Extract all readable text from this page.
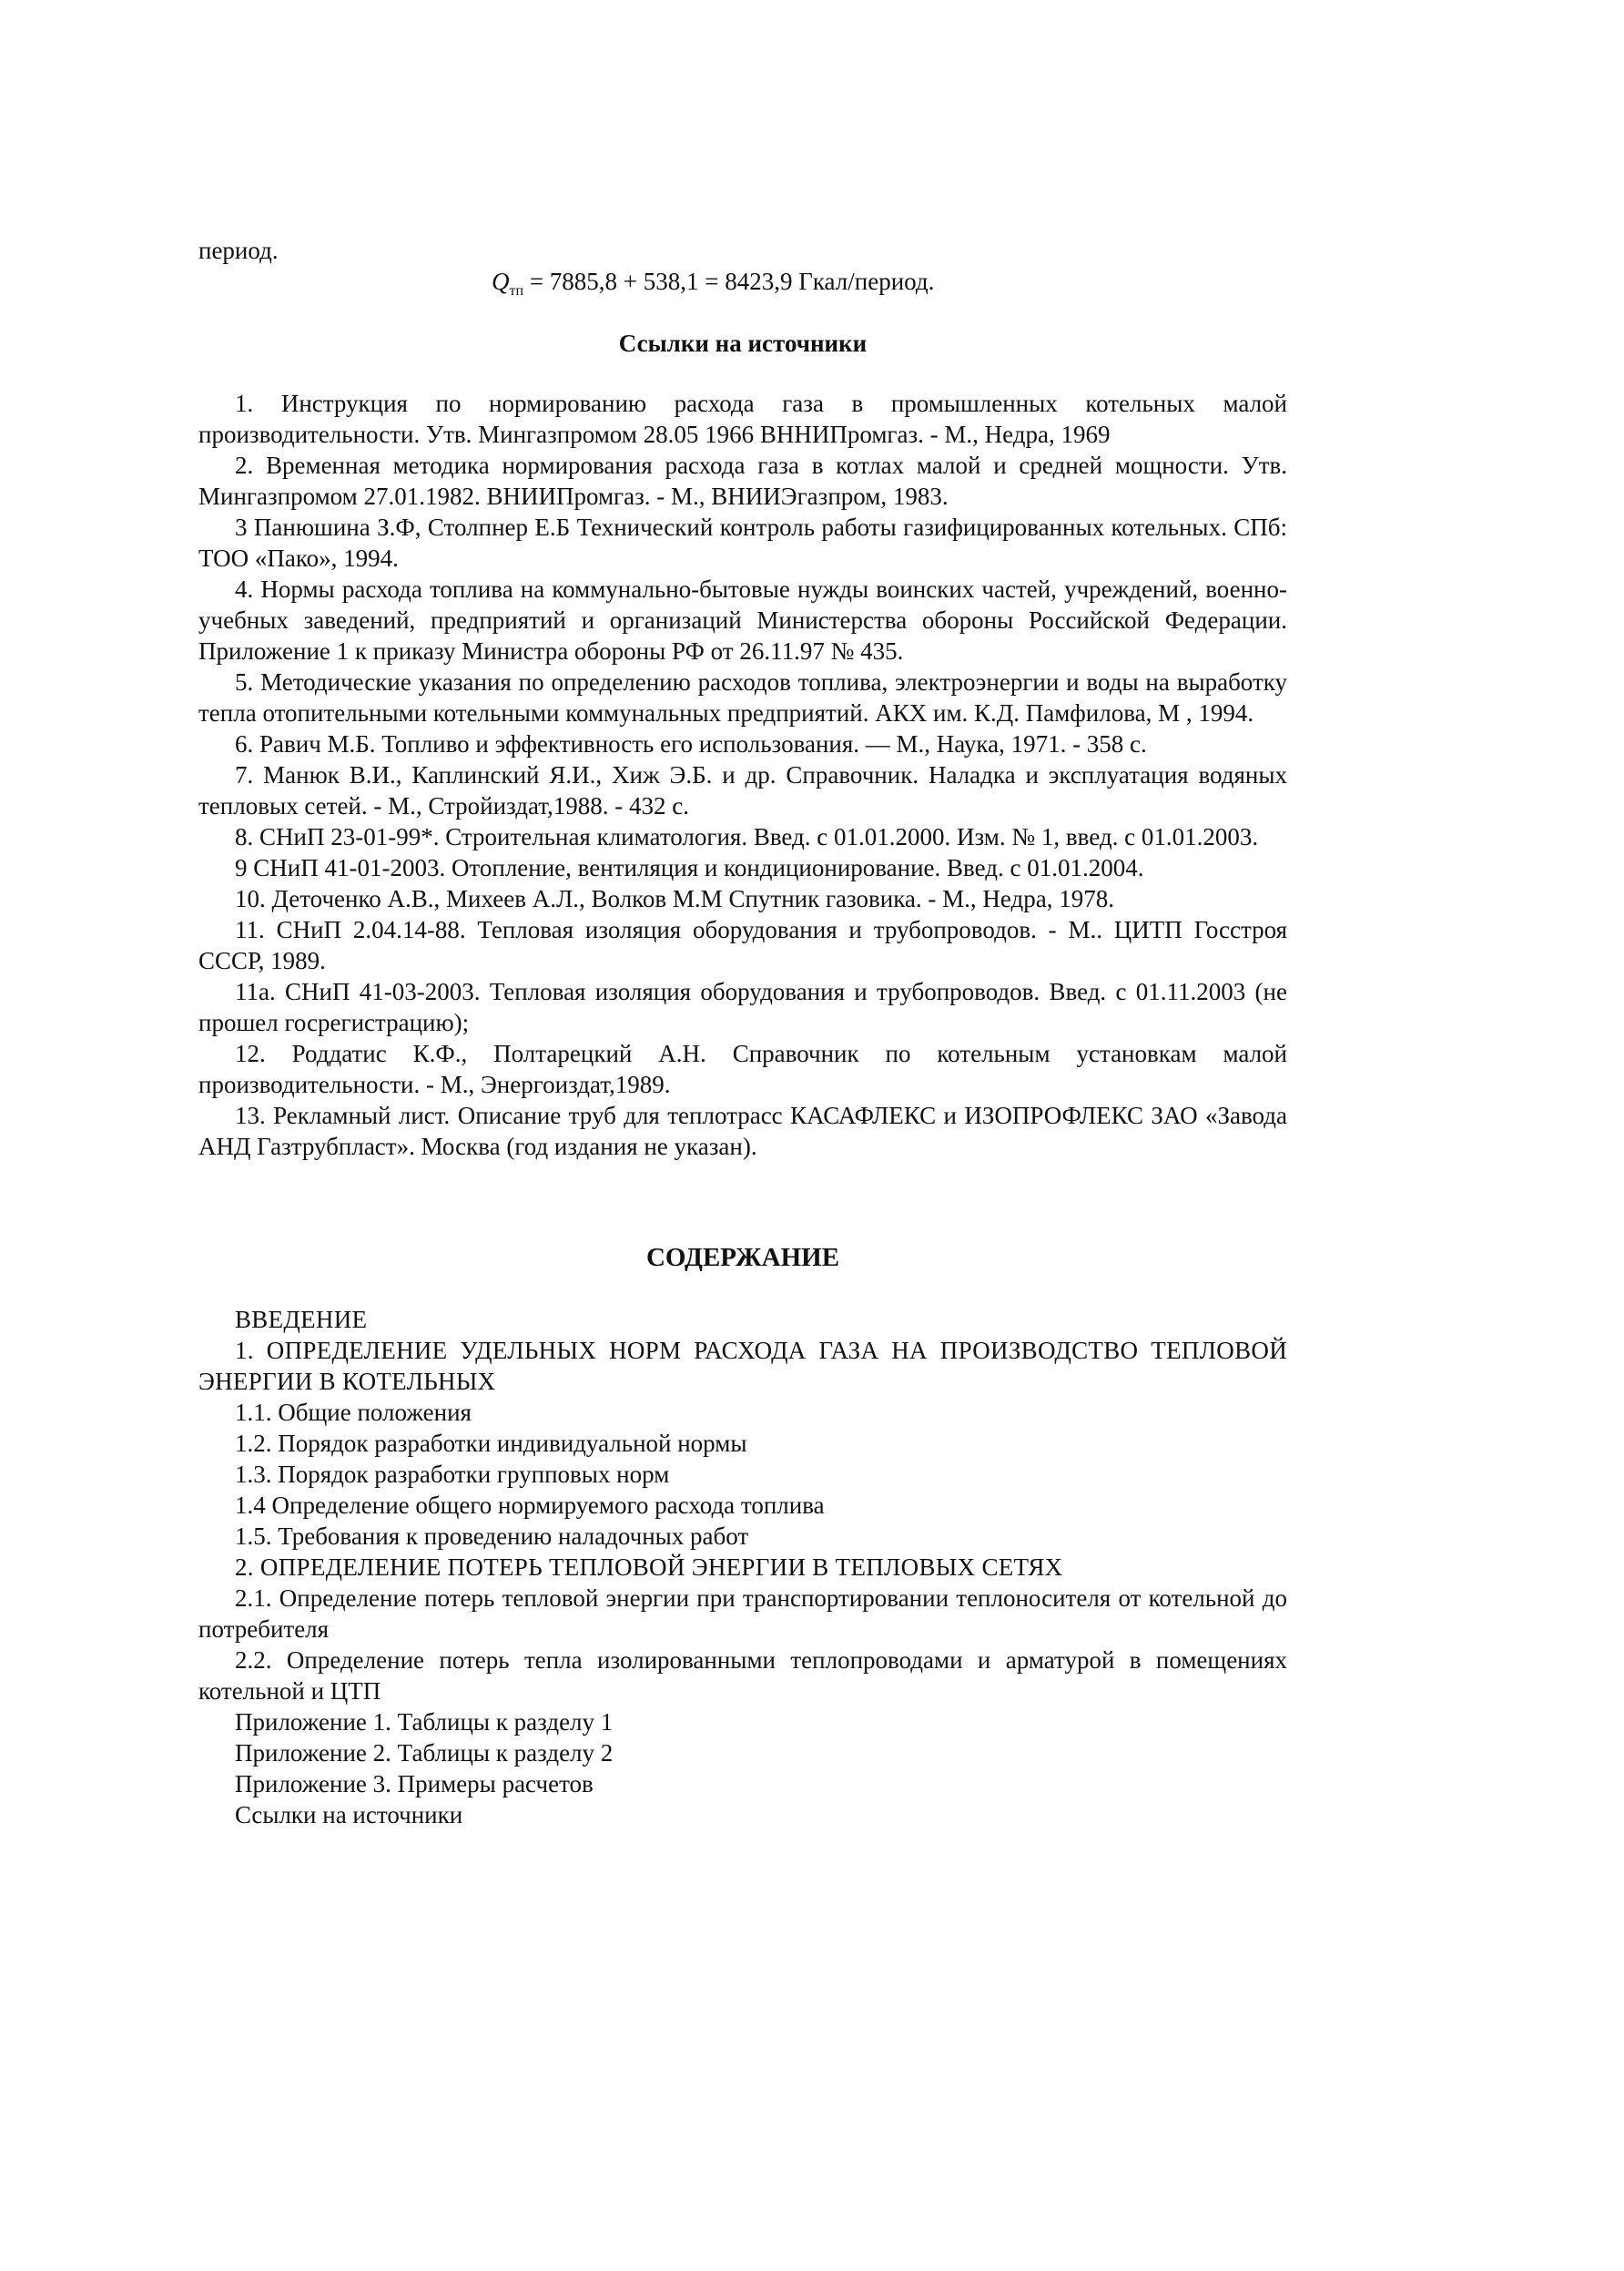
период.
$Q_{тп} = 7885,8 + 538,1 = 8423,9$ Гкал/период.
Ссылки на источники

1. Инструкция по нормированию расхода газа в промышленных котельных малой производительности. Утв. Мингазпромом 28.05 1966 ВННИПромгаз. - М., Недра, 1969

2. Временная методика нормирования расхода газа в котлах малой и средней мощности. Утв. Мингазпромом 27.01.1982. ВНИИПромгаз. - М., ВНИИЭгазпром, 1983.

3 Панюшина З.Ф, Столпнер Е.Б Технический контроль работы газифицированных котельных. СПб: ТОО «Пако», 1994.

4. Нормы расхода топлива на коммунально-бытовые нужды воинских частей, учреждений, военно-учебных заведений, предприятий и организаций Министерства обороны Российской Федерации. Приложение 1 к приказу Министра обороны РФ от 26.11.97 № 435.

5. Методические указания по определению расходов топлива, электроэнергии и воды на выработку тепла отопительными котельными коммунальных предприятий. АКХ им. К.Д. Памфилова, М , 1994.

6. Равич М.Б. Топливо и эффективность его использования. — М., Наука, 1971. - 358 с.

7. Манюк В.И., Каплинский Я.И., Хиж Э.Б. и др. Справочник. Наладка и эксплуатация водяных тепловых сетей. - М., Стройиздат,1988. - 432 с.

8. СНиП 23-01-99*. Строительная климатология. Введ. с 01.01.2000. Изм. № 1, введ. с 01.01.2003.

9 СНиП 41-01-2003. Отопление, вентиляция и кондиционирование. Введ. с 01.01.2004.

10. Деточенко А.В., Михеев А.Л., Волков М.М Спутник газовика. - М., Недра, 1978.

11. СНиП 2.04.14-88. Тепловая изоляция оборудования и трубопроводов. - М.. ЦИТП Госстроя СССР, 1989.

11а. СНиП 41-03-2003. Тепловая изоляция оборудования и трубопроводов. Введ. с 01.11.2003 (не прошел госрегистрацию);

12. Роддатис К.Ф., Полтарецкий А.Н. Справочник по котельным установкам малой производительности. - М., Энергоиздат,1989.

13. Рекламный лист. Описание труб для теплотрасс КАСАФЛЕКС и ИЗОПРОФЛЕКС ЗАО «Завода АНД Газтрубпласт». Москва (год издания не указан).

СОДЕРЖАНИЕ

ВВЕДЕНИЕ

1. ОПРЕДЕЛЕНИЕ УДЕЛЬНЫХ НОРМ РАСХОДА ГАЗА НА ПРОИЗВОДСТВО ТЕПЛОВОЙ ЭНЕРГИИ В КОТЕЛЬНЫХ

1.1. Общие положения

1.2. Порядок разработки индивидуальной нормы

1.3. Порядок разработки групповых норм

1.4 Определение общего нормируемого расхода топлива

1.5. Требования к проведению наладочных работ

2. ОПРЕДЕЛЕНИЕ ПОТЕРЬ ТЕПЛОВОЙ ЭНЕРГИИ В ТЕПЛОВЫХ СЕТЯХ

2.1. Определение потерь тепловой энергии при транспортировании теплоносителя от котельной до потребителя

2.2. Определение потерь тепла изолированными теплопроводами и арматурой в помещениях котельной и ЦТП

Приложение 1. Таблицы к разделу 1

Приложение 2. Таблицы к разделу 2

Приложение 3. Примеры расчетов

Ссылки на источники
